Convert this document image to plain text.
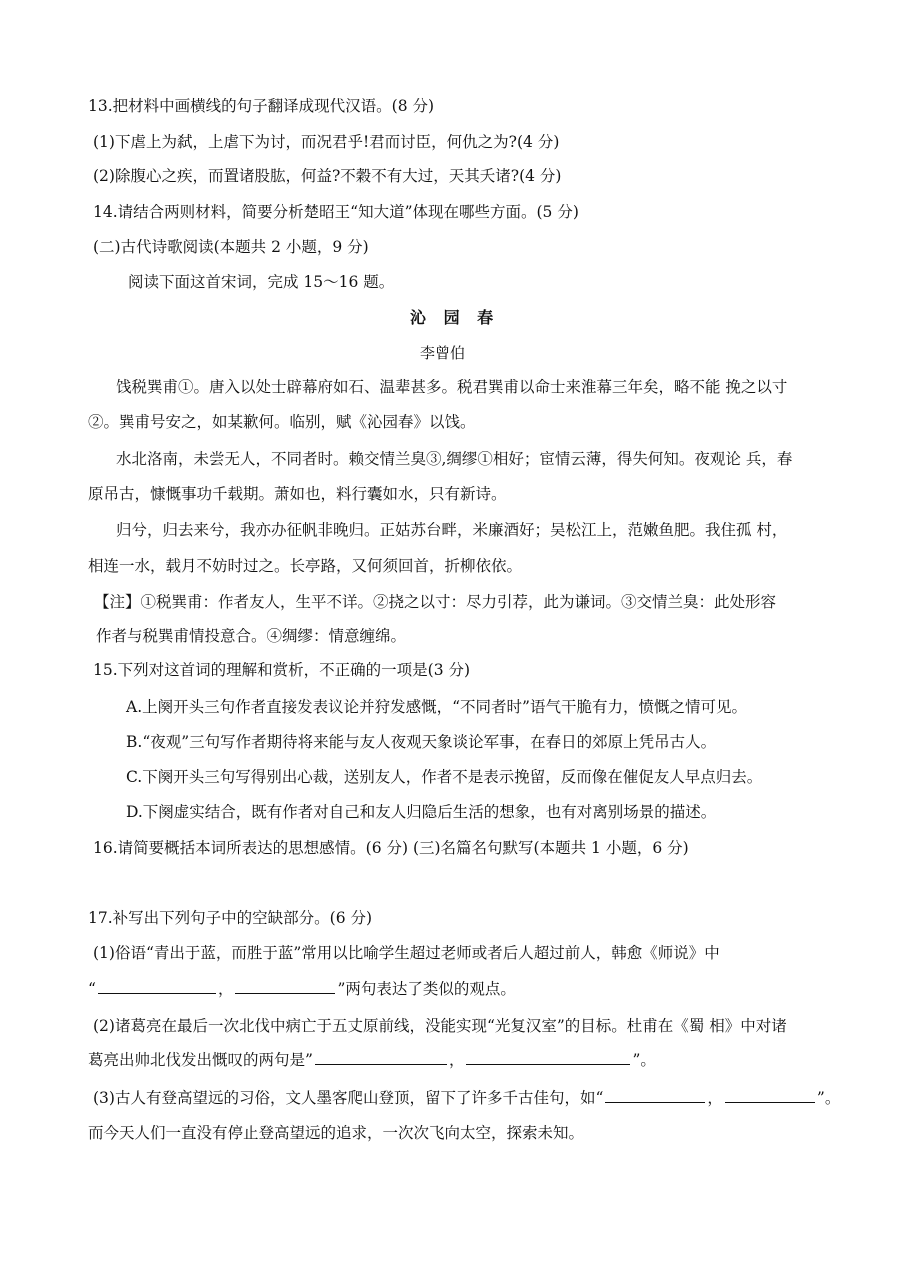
13.把材料中画横线的句子翻译成现代汉语。(8 分)
(1)下虐上为弑，上虐下为讨，而况君乎!君而讨臣，何仇之为?(4 分)
(2)除腹心之疾，而置诸股肱，何益?不穀不有大过，天其夭诸?(4 分)
14.请结合两则材料，简要分析楚昭王“知大道”体现在哪些方面。(5 分)
(二)古代诗歌阅读(本题共 2 小题，9 分)
阅读下面这首宋词，完成 15～16 题。
沁 园 春
李曾伯
饯税巽甫①。唐入以处士辟幕府如石、温辈甚多。税君巽甫以命士来淮幕三年矣，略不能 挽之以寸
②。巽甫号安之，如某歉何。临别，赋《沁园春》以饯。
水北洛南，未尝无人，不同者时。赖交情兰臭③,绸缪①相好；宦情云薄，得失何知。夜观论 兵，春
原吊古，慷慨事功千载期。萧如也，料行囊如水，只有新诗。
归兮，归去来兮，我亦办征帆非晚归。正姑苏台畔，米廉酒好；吴松江上，范嫩鱼肥。我住孤 村，
相连一水，载月不妨时过之。长亭路，又何须回首，折柳依依。
【注】①税巽甫：作者友人，生平不详。②挠之以寸：尽力引荐，此为谦词。③交情兰臭：此处形容
作者与税巽甫情投意合。④绸缪：情意缠绵。
15.下列对这首词的理解和赏析，不正确的一项是(3 分)
A.上阕开头三句作者直接发表议论并狩发感慨，“不同者时”语气干脆有力，愤慨之情可见。
B.“夜观”三句写作者期待将来能与友人夜观天象谈论军事，在春日的郊原上凭吊古人。
C.下阕开头三句写得别出心裁，送别友人，作者不是表示挽留，反而像在催促友人早点归去。
D.下阕虚实结合，既有作者对自己和友人归隐后生活的想象，也有对离别场景的描述。
16.请简要概括本词所表达的思想感情。(6 分) (三)名篇名句默写(本题共 1 小题，6 分)
17.补写出下列句子中的空缺部分。(6 分)
(1)俗语“青出于蓝，而胜于蓝”常用以比喻学生超过老师或者后人超过前人，韩愈《师说》中
“	，	”两句表达了类似的观点。
(2)诸葛亮在最后一次北伐中病亡于五丈原前线，没能实现“光复汉室”的目标。杜甫在《蜀 相》中对诸
葛亮出帅北伐发出慨叹的两句是”	，	”。
(3)古人有登高望远的习俗，文人墨客爬山登顶，留下了许多千古佳句，如“	，	”。
而今天人们一直没有停止登高望远的追求，一次次飞向太空，探索未知。
